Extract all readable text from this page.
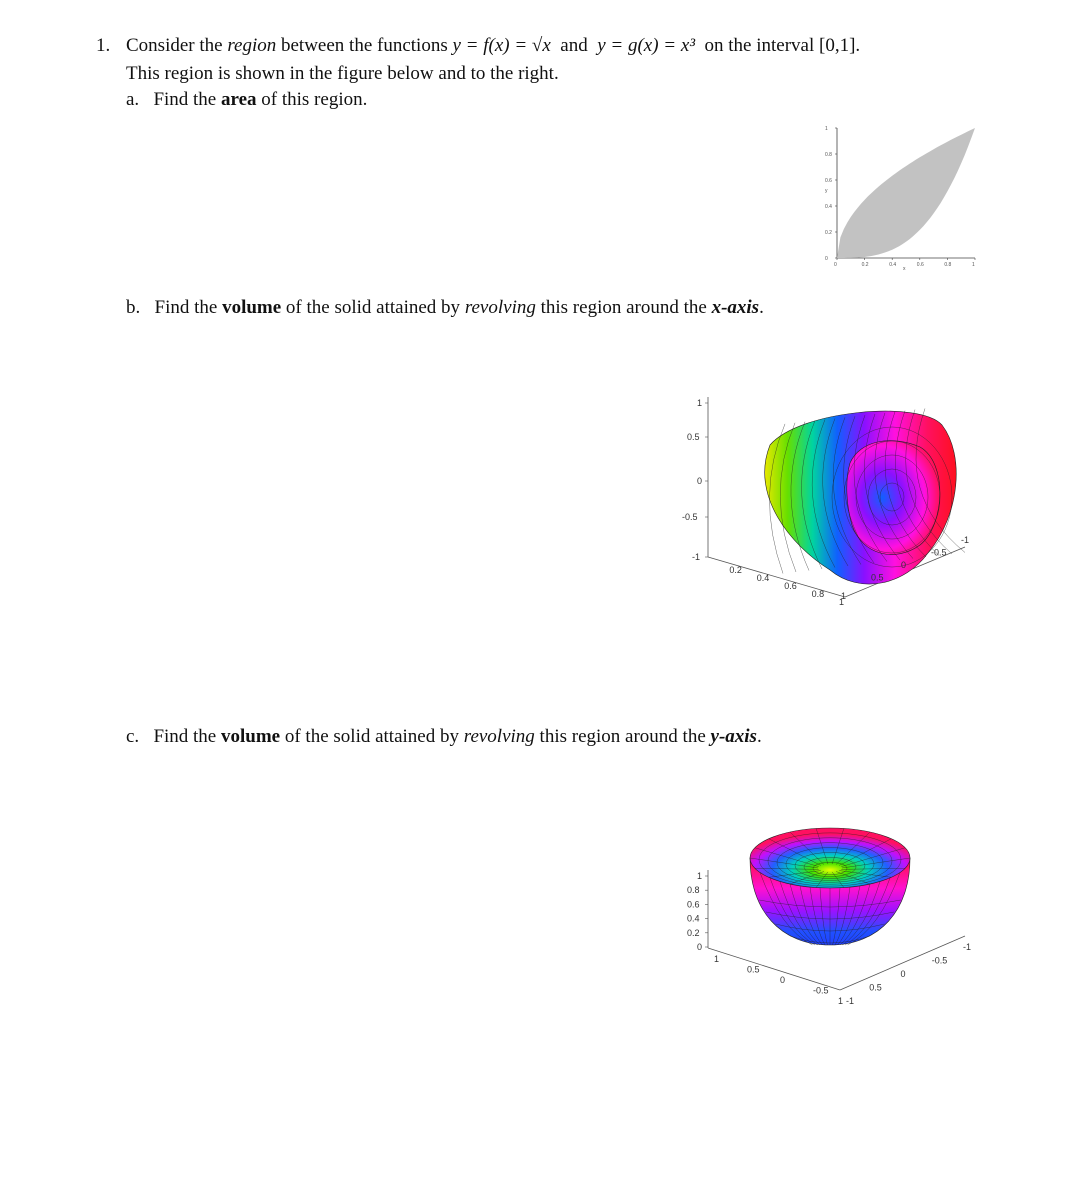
1. Consider the region between the functions y = f(x) = √x and y = g(x) = x³ on the interval [0,1].
This region is shown in the figure below and to the right.
a. Find the area of this region.
1
0.8
0.6
0.4
0.2
0
0	0.2	0.4	0.6	0.8	1
y
x
b. Find the volume of the solid attained by revolving this region around the x-axis.
1
0.5
0
-0.5
-1
0.2
0.4
0.6
0.8
1
1
0.5
0
-0.5
-1
c. Find the volume of the solid attained by revolving this region around the y-axis.
1
0.8
0.6
0.4
0.2
0
1
0.5
0
-0.5
-1
1
0.5
0
-0.5
-1
